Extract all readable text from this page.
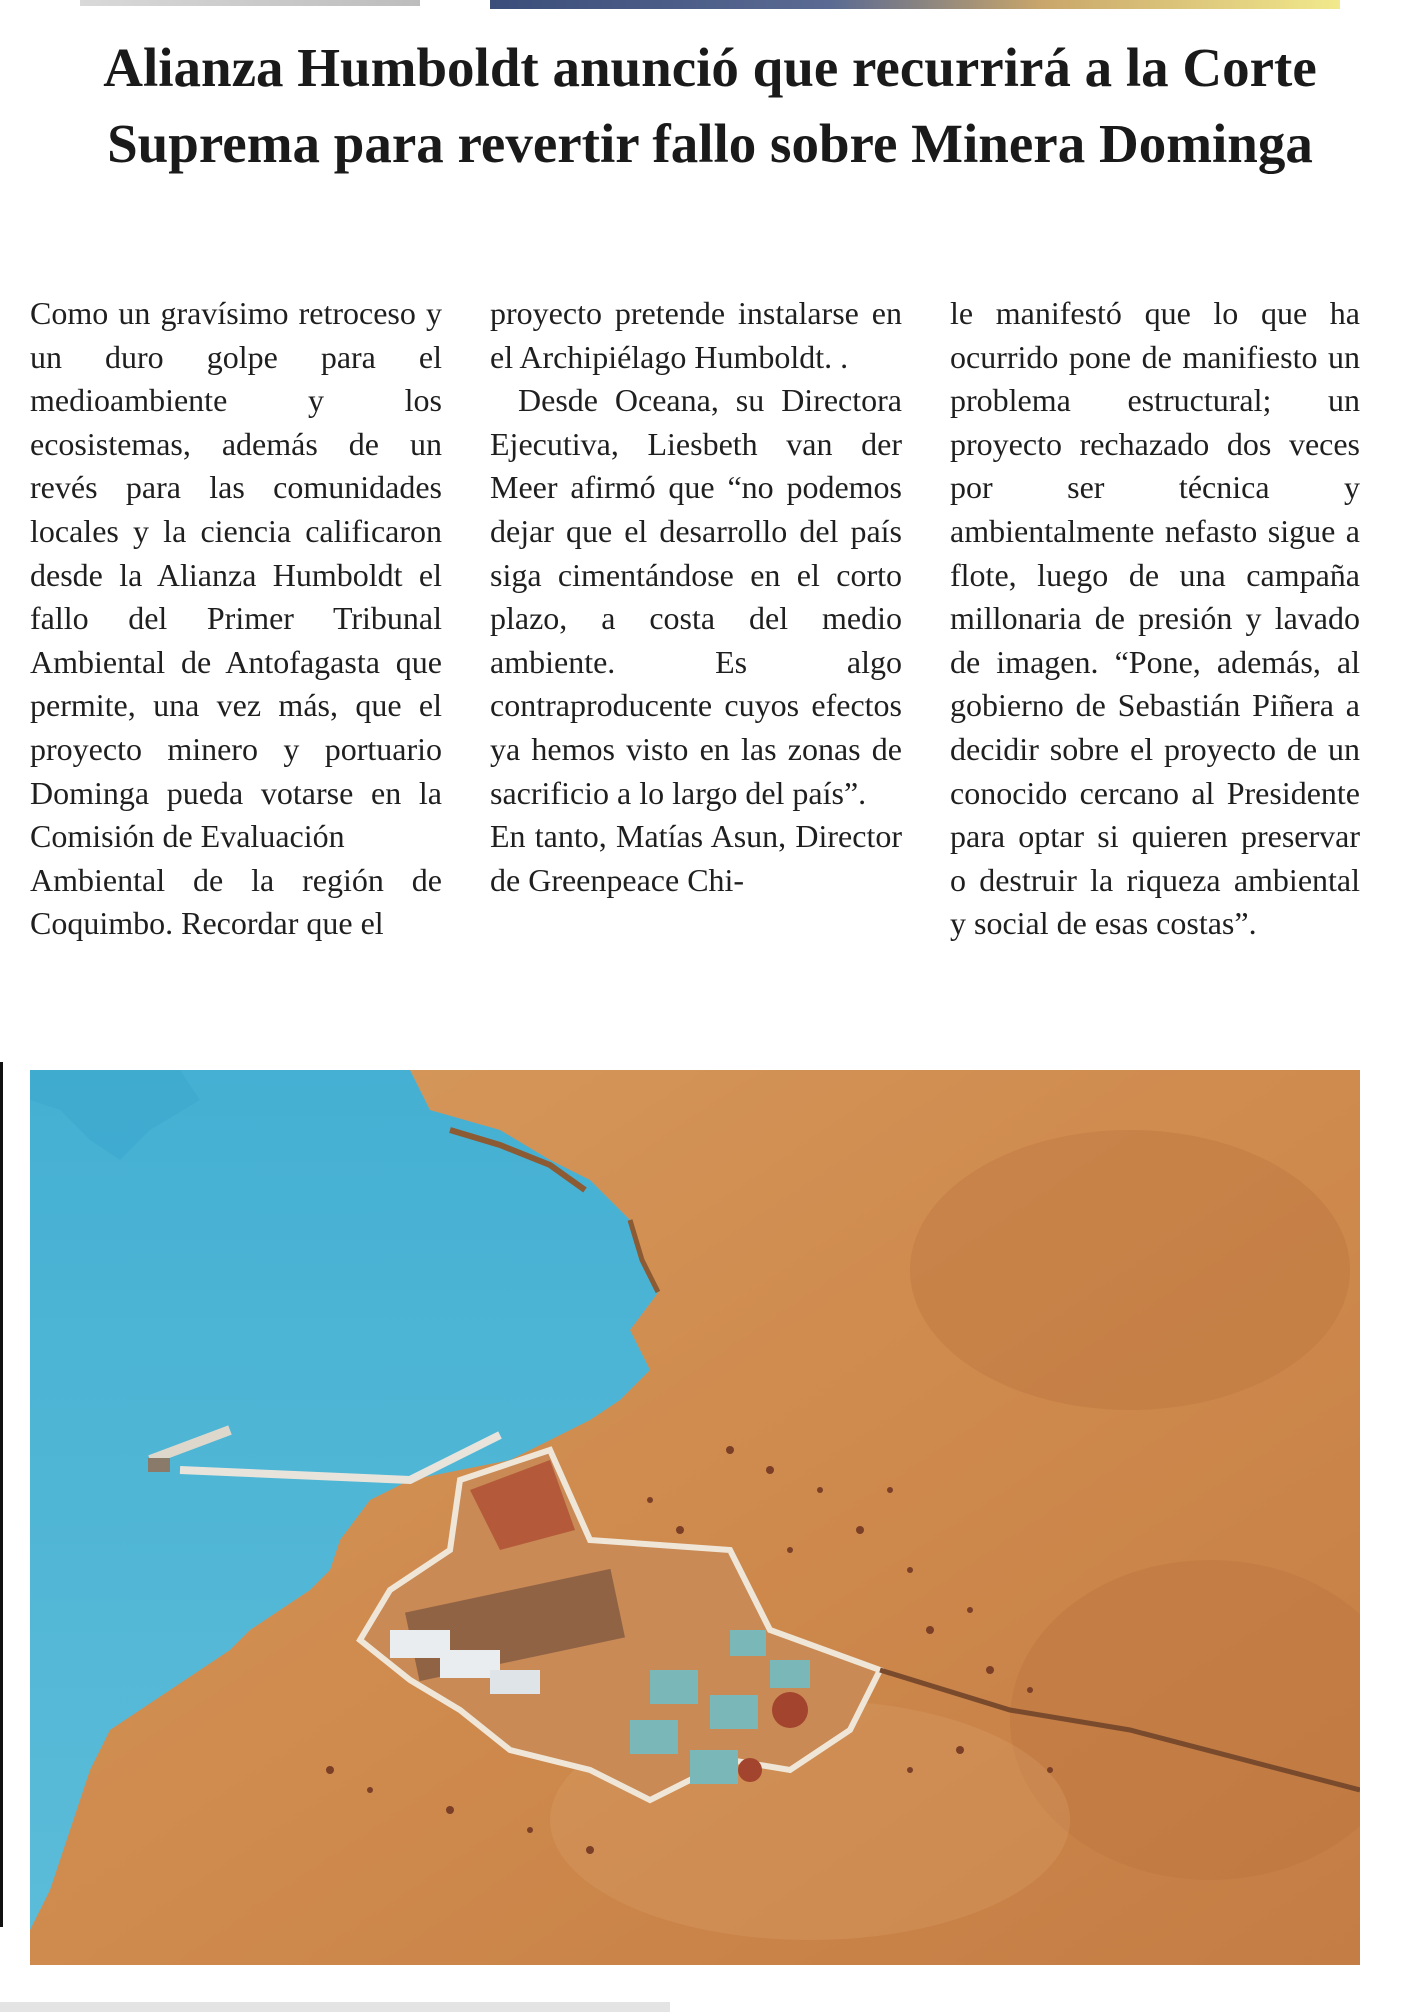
Alianza Humboldt anunció que recurrirá a la Corte Suprema para revertir fallo sobre Minera Dominga

Como un gravísimo retroceso y un duro golpe para el medioambiente y los ecosistemas, además de un revés para las comunidades locales y la ciencia calificaron desde la Alianza Humboldt el fallo del Primer Tribunal Ambiental de Antofagasta que permite, una vez más, que el proyecto minero y portuario Dominga pueda votarse en la Comisión de Evaluación

Ambiental de la región de Coquimbo. Recordar que el

proyecto pretende instalarse en el Archipiélago Humboldt. .

Desde Oceana, su Directora Ejecutiva, Liesbeth van der Meer afirmó que “no podemos dejar que el desarrollo del país siga cimentándose en el corto plazo, a costa del medio ambiente. Es algo contraproducente cuyos efectos ya hemos visto en las zonas de sacrificio a lo largo del país”.

En tanto, Matías Asun, Director de Greenpeace Chi-

le manifestó que lo que ha ocurrido pone de manifiesto un problema estructural; un proyecto rechazado dos veces por ser técnica y ambientalmente nefasto sigue a flote, luego de una campaña millonaria de presión y lavado de imagen. “Pone, además, al gobierno de Sebastián Piñera a decidir sobre el proyecto de un conocido cercano al Presidente para optar si quieren preservar o destruir la riqueza ambiental y social de esas costas”.
